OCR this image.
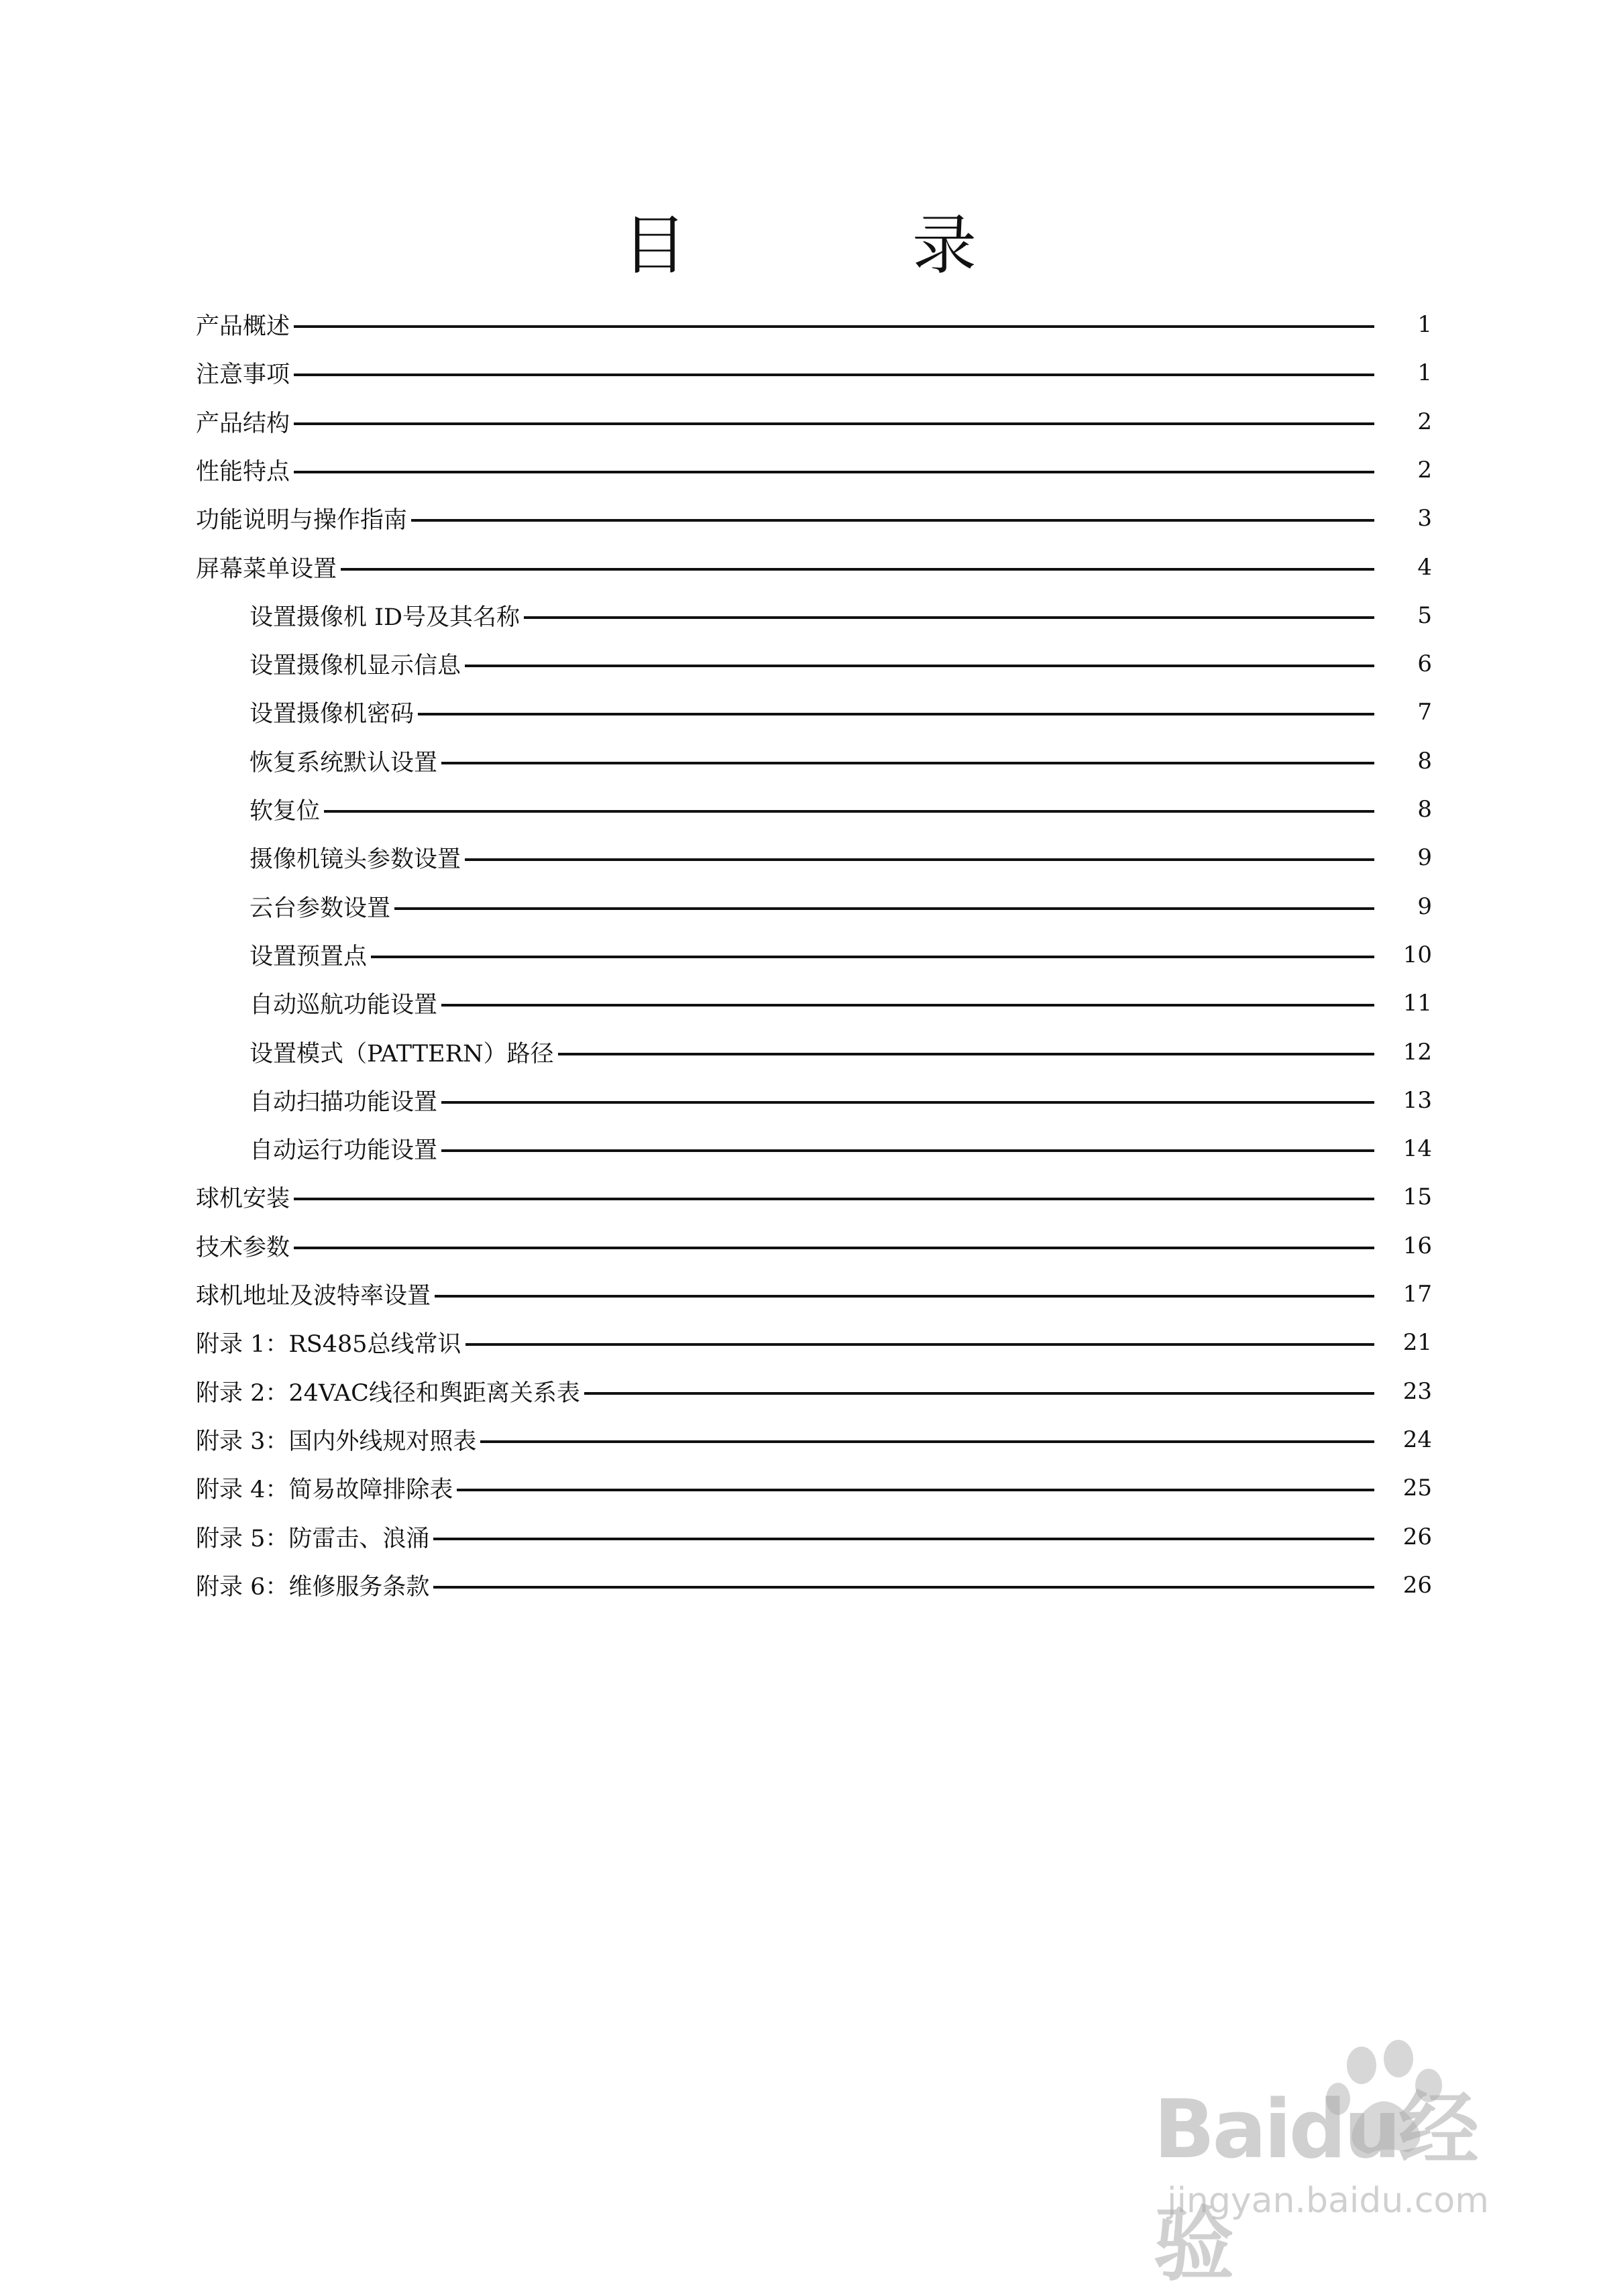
目　录
产品概述	1
注意事项	1
产品结构	2
性能特点	2
功能说明与操作指南	3
屏幕菜单设置	4
设置摄像机 ID号及其名称	5
设置摄像机显示信息	6
设置摄像机密码	7
恢复系统默认设置	8
软复位	8
摄像机镜头参数设置	9
云台参数设置	9
设置预置点	10
自动巡航功能设置	11
设置模式（PATTERN）路径	12
自动扫描功能设置	13
自动运行功能设置	14
球机安装	15
技术参数	16
球机地址及波特率设置	17
附录 1：RS485总线常识	21
附录 2：24VAC线径和舆距离关系表	23
附录 3：国内外线规对照表	24
附录 4：简易故障排除表	25
附录 5：防雷击、浪涌	26
附录 6：维修服务条款	26
Baidu经验
jingyan.baidu.com
